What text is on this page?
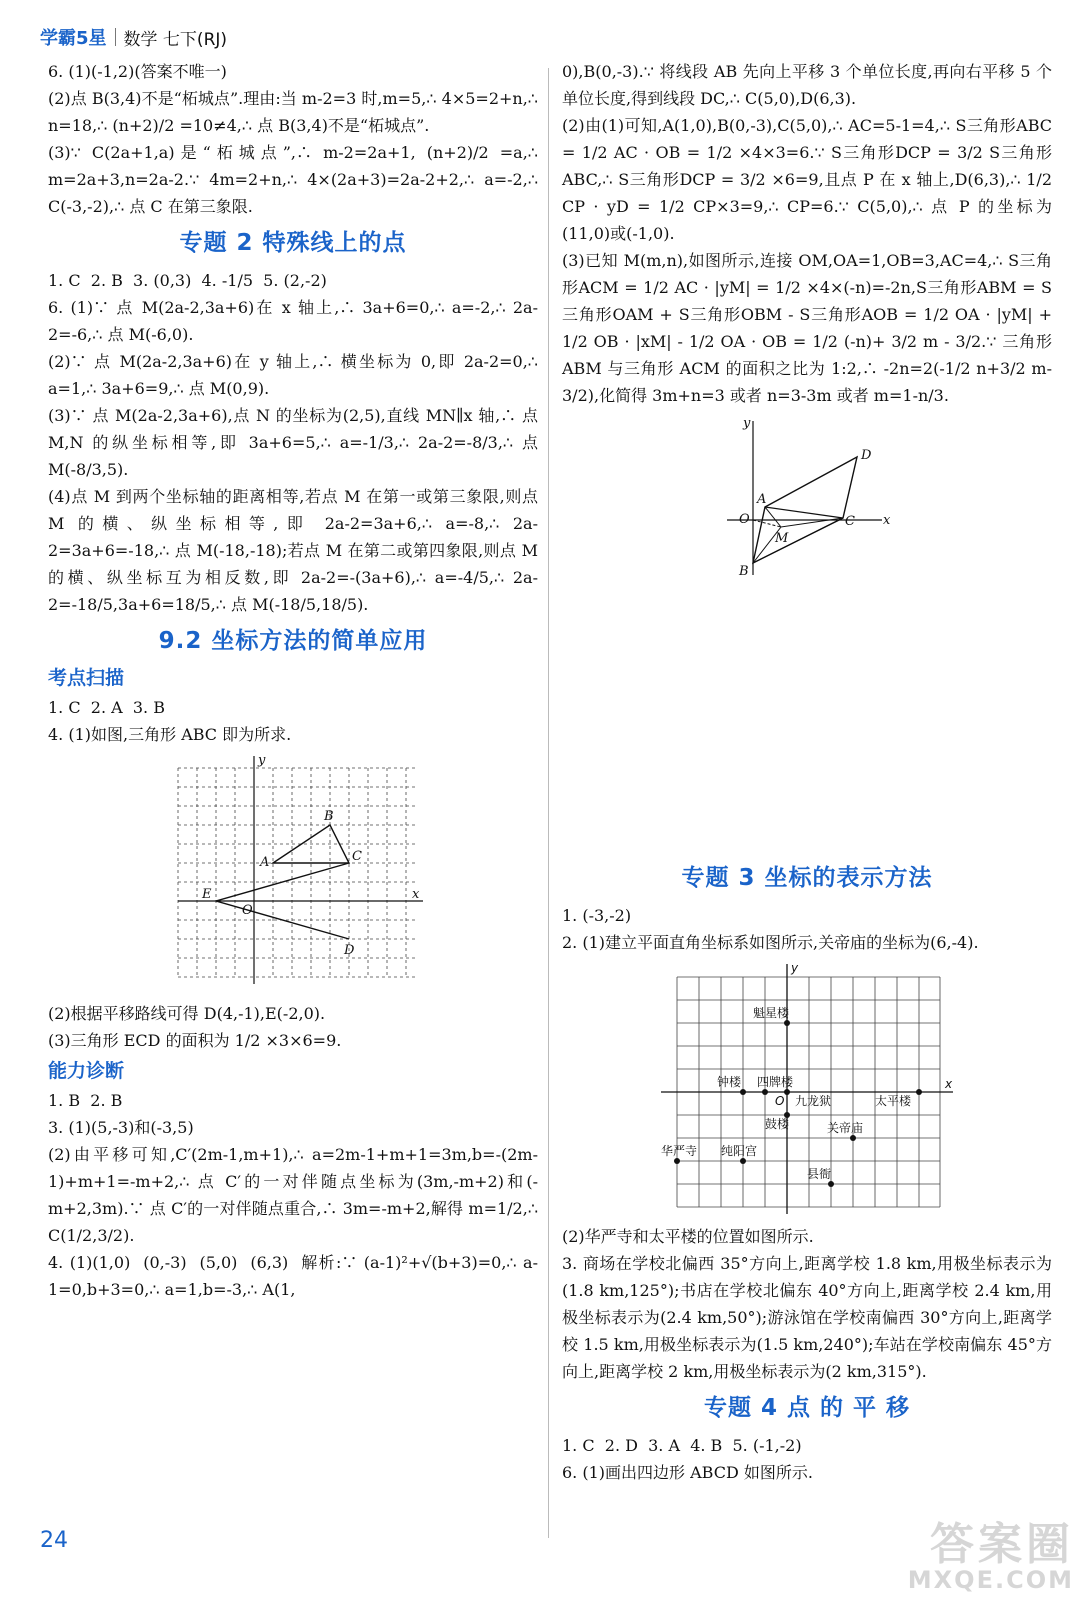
学霸5星 数学 七下(RJ)

6. (1)(-1,2)(答案不唯一)

(2)点 B(3,4)不是“柘城点”.理由:当 m-2=3 时,m=5,∴ 4×5=2+n,∴ n=18,∴ (n+2)/2 =10≠4,∴ 点 B(3,4)不是“柘城点”.

(3)∵ C(2a+1,a)是“柘城点”,∴ m-2=2a+1, (n+2)/2 =a,∴ m=2a+3,n=2a-2.∵ 4m=2+n,∴ 4×(2a+3)=2a-2+2,∴ a=-2,∴ C(-3,-2),∴ 点 C 在第三象限.

专题 2 特殊线上的点

1. C  2. B  3. (0,3)  4. -1/5  5. (2,-2)

6. (1)∵ 点 M(2a-2,3a+6)在 x 轴上,∴ 3a+6=0,∴ a=-2,∴ 2a-2=-6,∴ 点 M(-6,0).

(2)∵ 点 M(2a-2,3a+6)在 y 轴上,∴ 横坐标为 0,即 2a-2=0,∴ a=1,∴ 3a+6=9,∴ 点 M(0,9).

(3)∵ 点 M(2a-2,3a+6),点 N 的坐标为(2,5),直线 MN∥x 轴,∴ 点 M,N 的纵坐标相等,即 3a+6=5,∴ a=-1/3,∴ 2a-2=-8/3,∴ 点 M(-8/3,5).

(4)点 M 到两个坐标轴的距离相等,若点 M 在第一或第三象限,则点 M 的横、纵坐标相等,即 2a-2=3a+6,∴ a=-8,∴ 2a-2=3a+6=-18,∴ 点 M(-18,-18);若点 M 在第二或第四象限,则点 M 的横、纵坐标互为相反数,即 2a-2=-(3a+6),∴ a=-4/5,∴ 2a-2=-18/5,3a+6=18/5,∴ 点 M(-18/5,18/5).

9.2 坐标方法的简单应用
考点扫描

1. C  2. A  3. B

4. (1)如图,三角形 ABC 即为所求.

y
x
O
A
B
C
D
E

(2)根据平移路线可得 D(4,-1),E(-2,0).

(3)三角形 ECD 的面积为 1/2 ×3×6=9.

能力诊断

1. B  2. B

3. (1)(5,-3)和(-3,5)

(2)由平移可知,C′(2m-1,m+1),∴ a=2m-1+m+1=3m,b=-(2m-1)+m+1=-m+2,∴ 点 C′的一对伴随点坐标为(3m,-m+2)和(-m+2,3m).∵ 点 C′的一对伴随点重合,∴ 3m=-m+2,解得 m=1/2,∴ C(1/2,3/2).

4. (1)(1,0)  (0,-3)  (5,0)  (6,3)  解析:∵ (a-1)²+√(b+3)=0,∴ a-1=0,b+3=0,∴ a=1,b=-3,∴ A(1,

0),B(0,-3).∵ 将线段 AB 先向上平移 3 个单位长度,再向右平移 5 个单位长度,得到线段 DC,∴ C(5,0),D(6,3).

(2)由(1)可知,A(1,0),B(0,-3),C(5,0),∴ AC=5-1=4,∴ S三角形ABC = 1/2 AC · OB = 1/2 ×4×3=6.∵ S三角形DCP = 3/2 S三角形ABC,∴ S三角形DCP = 3/2 ×6=9,且点 P 在 x 轴上,D(6,3),∴ 1/2 CP · yD = 1/2 CP×3=9,∴ CP=6.∵ C(5,0),∴ 点 P 的坐标为(11,0)或(-1,0).

(3)已知 M(m,n),如图所示,连接 OM,OA=1,OB=3,AC=4,∴ S三角形ACM = 1/2 AC · |yM| = 1/2 ×4×(-n)=-2n,S三角形ABM = S三角形OAM + S三角形OBM - S三角形AOB = 1/2 OA · |yM| + 1/2 OB · |xM| - 1/2 OA · OB = 1/2 (-n)+ 3/2 m - 3/2.∵ 三角形 ABM 与三角形 ACM 的面积之比为 1:2,∴ -2n=2(-1/2 n+3/2 m-3/2),化简得 3m+n=3 或者 n=3-3m 或者 m=1-n/3.

y
x
O
A
B
C
D
M
专题 3 坐标的表示方法

1. (-3,-2)

2. (1)建立平面直角坐标系如图所示,关帝庙的坐标为(6,-4).

y
x
O
魁星楼
钟楼 四牌楼
九龙狱	太平楼
鼓楼	关帝庙
华严寺 纯阳宫
县衙

(2)华严寺和太平楼的位置如图所示.

3. 商场在学校北偏西 35°方向上,距离学校 1.8 km,用极坐标表示为(1.8 km,125°);书店在学校北偏东 40°方向上,距离学校 2.4 km,用极坐标表示为(2.4 km,50°);游泳馆在学校南偏西 30°方向上,距离学校 1.5 km,用极坐标表示为(1.5 km,240°);车站在学校南偏东 45°方向上,距离学校 2 km,用极坐标表示为(2 km,315°).

专题 4 点 的 平 移

1. C  2. D  3. A  4. B  5. (-1,-2)

6. (1)画出四边形 ABCD 如图所示.

24	答案圈
MXQE.COM
